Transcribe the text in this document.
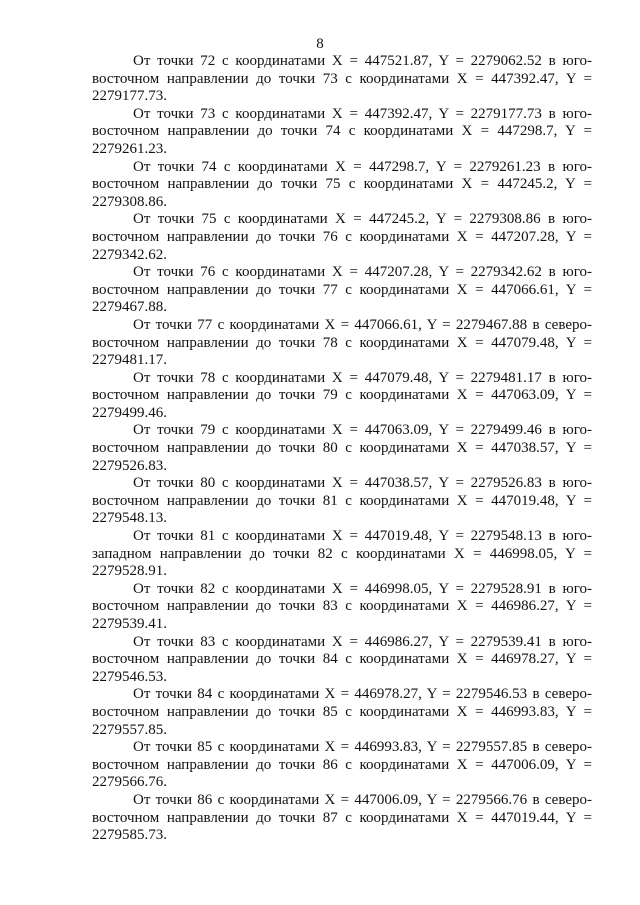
8

От точки 72 с координатами X = 447521.87, Y = 2279062.52 в юго-восточном направлении до точки 73 с координатами X = 447392.47, Y = 2279177.73.

От точки 73 с координатами X = 447392.47, Y = 2279177.73 в юго-восточном направлении до точки 74 с координатами X = 447298.7, Y = 2279261.23.

От точки 74 с координатами X = 447298.7, Y = 2279261.23 в юго-восточном направлении до точки 75 с координатами X = 447245.2, Y = 2279308.86.

От точки 75 с координатами X = 447245.2, Y = 2279308.86 в юго-восточном направлении до точки 76 с координатами X = 447207.28, Y = 2279342.62.

От точки 76 с координатами X = 447207.28, Y = 2279342.62 в юго-восточном направлении до точки 77 с координатами X = 447066.61, Y = 2279467.88.

От точки 77 с координатами X = 447066.61, Y = 2279467.88 в северо-восточном направлении до точки 78 с координатами X = 447079.48, Y = 2279481.17.

От точки 78 с координатами X = 447079.48, Y = 2279481.17 в юго-восточном направлении до точки 79 с координатами X = 447063.09, Y = 2279499.46.

От точки 79 с координатами X = 447063.09, Y = 2279499.46 в юго-восточном направлении до точки 80 с координатами X = 447038.57, Y = 2279526.83.

От точки 80 с координатами X = 447038.57, Y = 2279526.83 в юго-восточном направлении до точки 81 с координатами X = 447019.48, Y = 2279548.13.

От точки 81 с координатами X = 447019.48, Y = 2279548.13 в юго-западном направлении до точки 82 с координатами X = 446998.05, Y = 2279528.91.

От точки 82 с координатами X = 446998.05, Y = 2279528.91 в юго-восточном направлении до точки 83 с координатами X = 446986.27, Y = 2279539.41.

От точки 83 с координатами X = 446986.27, Y = 2279539.41 в юго-восточном направлении до точки 84 с координатами X = 446978.27, Y = 2279546.53.

От точки 84 с координатами X = 446978.27, Y = 2279546.53 в северо-восточном направлении до точки 85 с координатами X = 446993.83, Y = 2279557.85.

От точки 85 с координатами X = 446993.83, Y = 2279557.85 в северо-восточном направлении до точки 86 с координатами X = 447006.09, Y = 2279566.76.

От точки 86 с координатами X = 447006.09, Y = 2279566.76 в северо-восточном направлении до точки 87 с координатами X = 447019.44, Y = 2279585.73.
